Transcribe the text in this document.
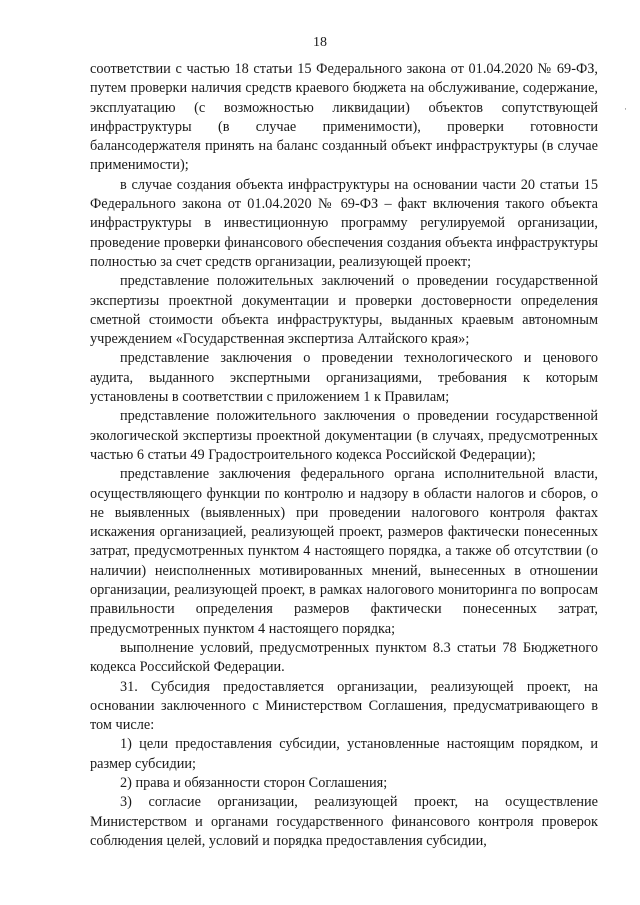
18
·

соответствии с частью 18 статьи 15 Федерального закона от 01.04.2020 № 69-ФЗ, путем проверки наличия средств краевого бюджета на обслуживание, содержание, эксплуатацию (с возможностью ликвидации) объектов сопутствующей инфраструктуры (в случае применимости), проверки готовности балансодержателя принять на баланс созданный объект инфраструктуры (в случае применимости);

в случае создания объекта инфраструктуры на основании части 20 статьи 15 Федерального закона от 01.04.2020 № 69-ФЗ – факт включения такого объекта инфраструктуры в инвестиционную программу регулируемой организации, проведение проверки финансового обеспечения создания объекта инфраструктуры полностью за счет средств организации, реализующей проект;

представление положительных заключений о проведении государственной экспертизы проектной документации и проверки достоверности определения сметной стоимости объекта инфраструктуры, выданных краевым автономным учреждением «Государственная экспертиза Алтайского края»;

представление заключения о проведении технологического и ценового аудита, выданного экспертными организациями, требования к которым установлены в соответствии с приложением 1 к Правилам;

представление положительного заключения о проведении государственной экологической экспертизы проектной документации (в случаях, предусмотренных частью 6 статьи 49 Градостроительного кодекса Российской Федерации);

представление заключения федерального органа исполнительной власти, осуществляющего функции по контролю и надзору в области налогов и сборов, о не выявленных (выявленных) при проведении налогового контроля фактах искажения организацией, реализующей проект, размеров фактически понесенных затрат, предусмотренных пунктом 4 настоящего порядка, а также об отсутствии (о наличии) неисполненных мотивированных мнений, вынесенных в отношении организации, реализующей проект, в рамках налогового мониторинга по вопросам правильности определения размеров фактически понесенных затрат, предусмотренных пунктом 4 настоящего порядка;

выполнение условий, предусмотренных пунктом 8.3 статьи 78 Бюджетного кодекса Российской Федерации.

31. Субсидия предоставляется организации, реализующей проект, на основании заключенного с Министерством Соглашения, предусматривающего в том числе:

1) цели предоставления субсидии, установленные настоящим порядком, и размер субсидии;

2) права и обязанности сторон Соглашения;

3) согласие организации, реализующей проект, на осуществление Министерством и органами государственного финансового контроля проверок соблюдения целей, условий и порядка предоставления субсидии,
